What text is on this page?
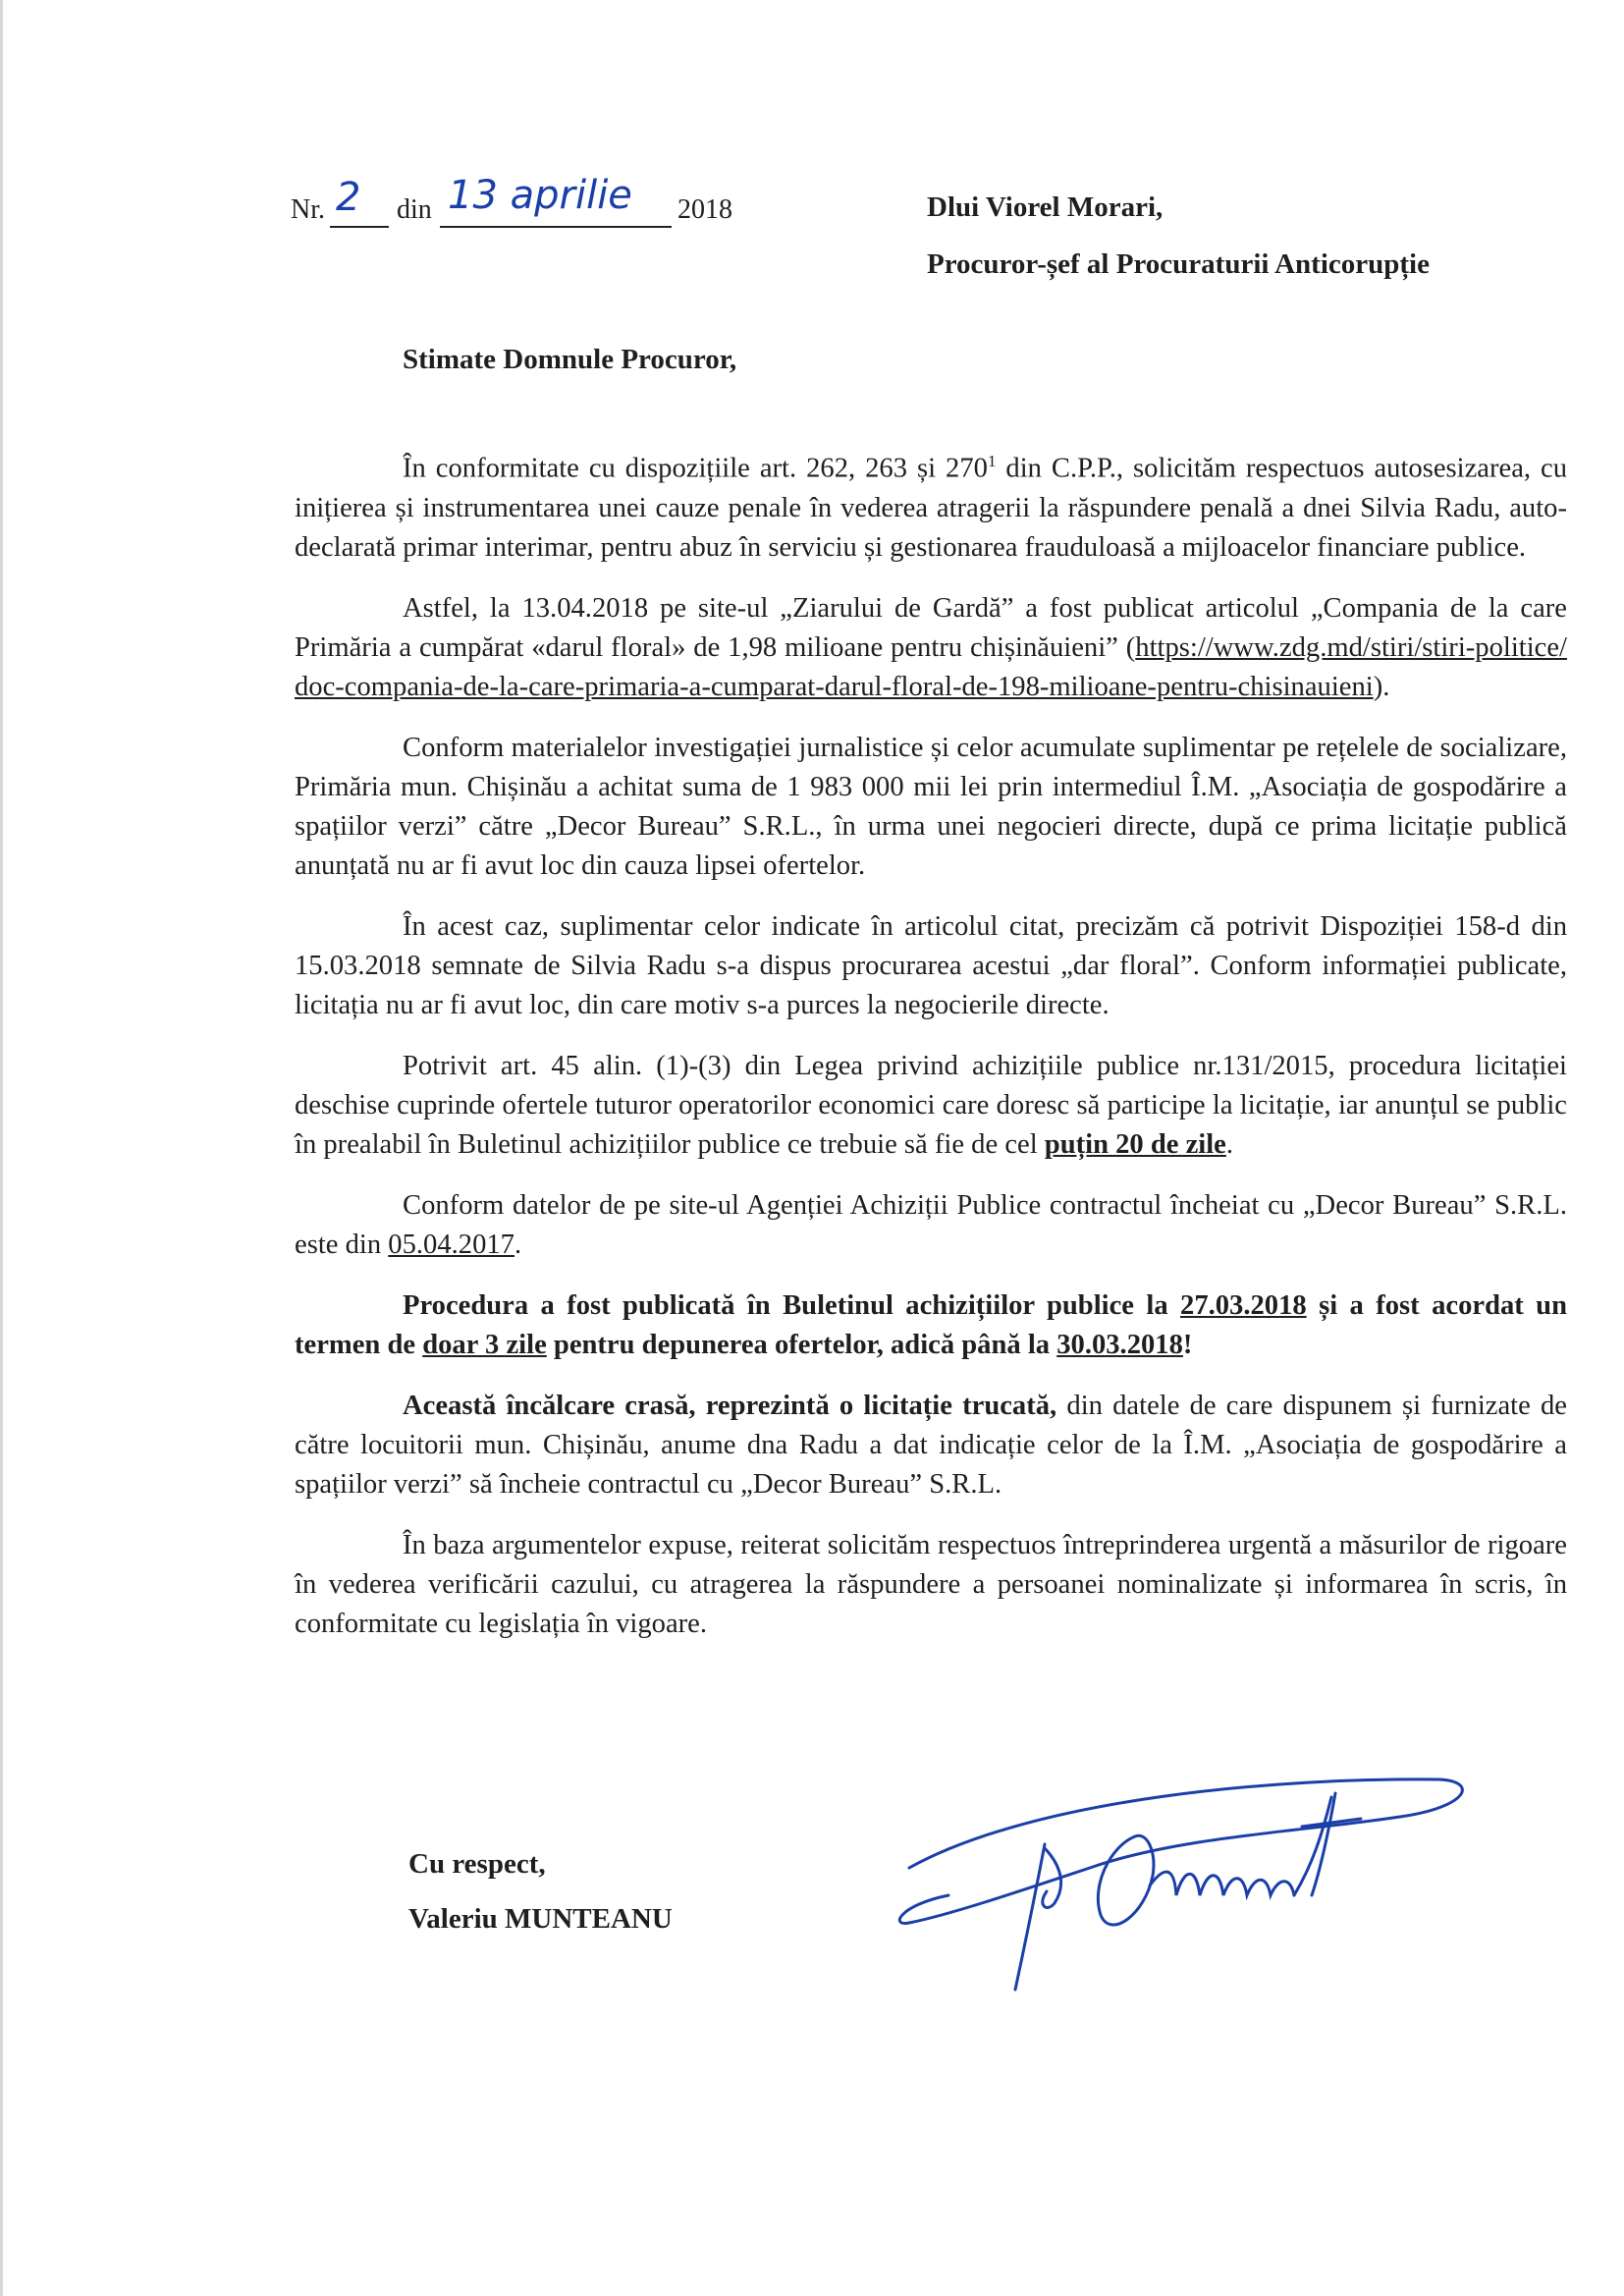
Nr. 2 din 13 aprilie 2018	Dlui Viorel Morari,
Procuror-șef al Procuraturii Anticorupție
Stimate Domnule Procuror,

În conformitate cu dispozițiile art. 262, 263 și $270^1$ din C.P.P., solicităm respectuos autosesizarea, cu inițierea și instrumentarea unei cauze penale în vederea atragerii la răspundere penală a dnei Silvia Radu, auto-declarată primar interimar, pentru abuz în serviciu și gestionarea frauduloasă a mijloacelor financiare publice.

Astfel, la 13.04.2018 pe site-ul „Ziarului de Gardă” a fost publicat articolul „Compania de la care Primăria a cumpărat «darul floral» de 1,98 milioane pentru chișinăuieni” (https://www.zdg.md/stiri/stiri-politice/doc-compania-de-la-care-primaria-a-cumparat-darul-floral-de-198-milioane-pentru-chisinauieni).

Conform materialelor investigației jurnalistice și celor acumulate suplimentar pe rețelele de socializare, Primăria mun. Chișinău a achitat suma de 1 983 000 mii lei prin intermediul Î.M. „Asociația de gospodărire a spațiilor verzi” către „Decor Bureau” S.R.L., în urma unei negocieri directe, după ce prima licitație publică anunțată nu ar fi avut loc din cauza lipsei ofertelor.

În acest caz, suplimentar celor indicate în articolul citat, precizăm că potrivit Dispoziției 158-d din 15.03.2018 semnate de Silvia Radu s-a dispus procurarea acestui „dar floral”. Conform informației publicate, licitația nu ar fi avut loc, din care motiv s-a purces la negocierile directe.

Potrivit art. 45 alin. (1)-(3) din Legea privind achizițiile publice nr.131/2015, procedura licitației deschise cuprinde ofertele tuturor operatorilor economici care doresc să participe la licitație, iar anunțul se public în prealabil în Buletinul achizițiilor publice ce trebuie să fie de cel puțin 20 de zile.

Conform datelor de pe site-ul Agenției Achiziții Publice contractul încheiat cu „Decor Bureau” S.R.L. este din 05.04.2017.

Procedura a fost publicată în Buletinul achizițiilor publice la 27.03.2018 și a fost acordat un termen de doar 3 zile pentru depunerea ofertelor, adică până la 30.03.2018!

Această încălcare crasă, reprezintă o licitație trucată, din datele de care dispunem și furnizate de către locuitorii mun. Chișinău, anume dna Radu a dat indicație celor de la Î.M. „Asociația de gospodărire a spațiilor verzi” să încheie contractul cu „Decor Bureau” S.R.L.

În baza argumentelor expuse, reiterat solicităm respectuos întreprinderea urgentă a măsurilor de rigoare în vederea verificării cazului, cu atragerea la răspundere a persoanei nominalizate și informarea în scris, în conformitate cu legislația în vigoare.

Cu respect,
Valeriu MUNTEANU
